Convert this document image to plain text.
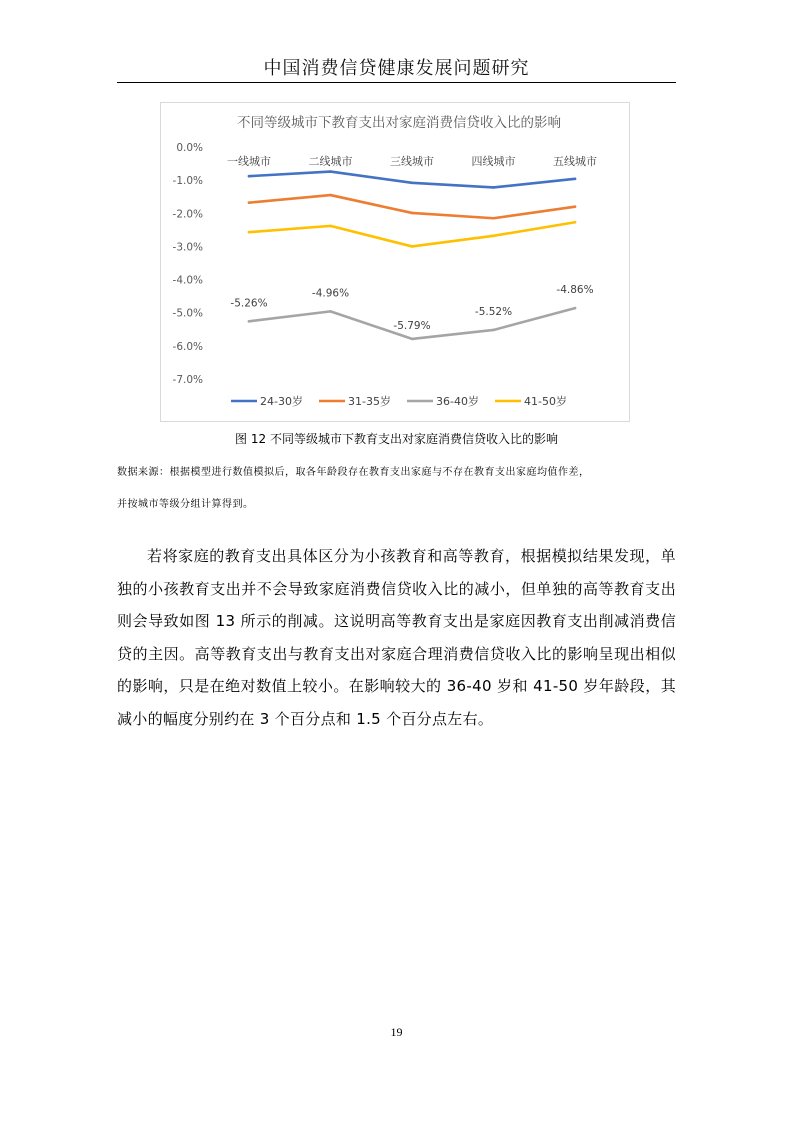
中国消费信贷健康发展问题研究
不同等级城市下教育支出对家庭消费信贷收入比的影响
0.0%
-1.0%
-2.0%
-3.0%
-4.0%
-5.0%
-6.0%
-7.0%
一线城市	二线城市	三线城市	四线城市	五线城市
-5.26%
-4.96%
-5.79%
-5.52%
-4.86%
24-30岁	31-35岁	36-40岁	41-50岁
图 12 不同等级城市下教育支出对家庭消费信贷收入比的影响
数据来源：根据模型进行数值模拟后，取各年龄段存在教育支出家庭与不存在教育支出家庭均值作差，
并按城市等级分组计算得到。
若将家庭的教育支出具体区分为小孩教育和高等教育，根据模拟结果发现，单独的小孩教育支出并不会导致家庭消费信贷收入比的减小，但单独的高等教育支出则会导致如图 13 所示的削减。这说明高等教育支出是家庭因教育支出削减消费信贷的主因。高等教育支出与教育支出对家庭合理消费信贷收入比的影响呈现出相似的影响，只是在绝对数值上较小。在影响较大的 36-40 岁和 41-50 岁年龄段，其减小的幅度分别约在 3 个百分点和 1.5 个百分点左右。
19
